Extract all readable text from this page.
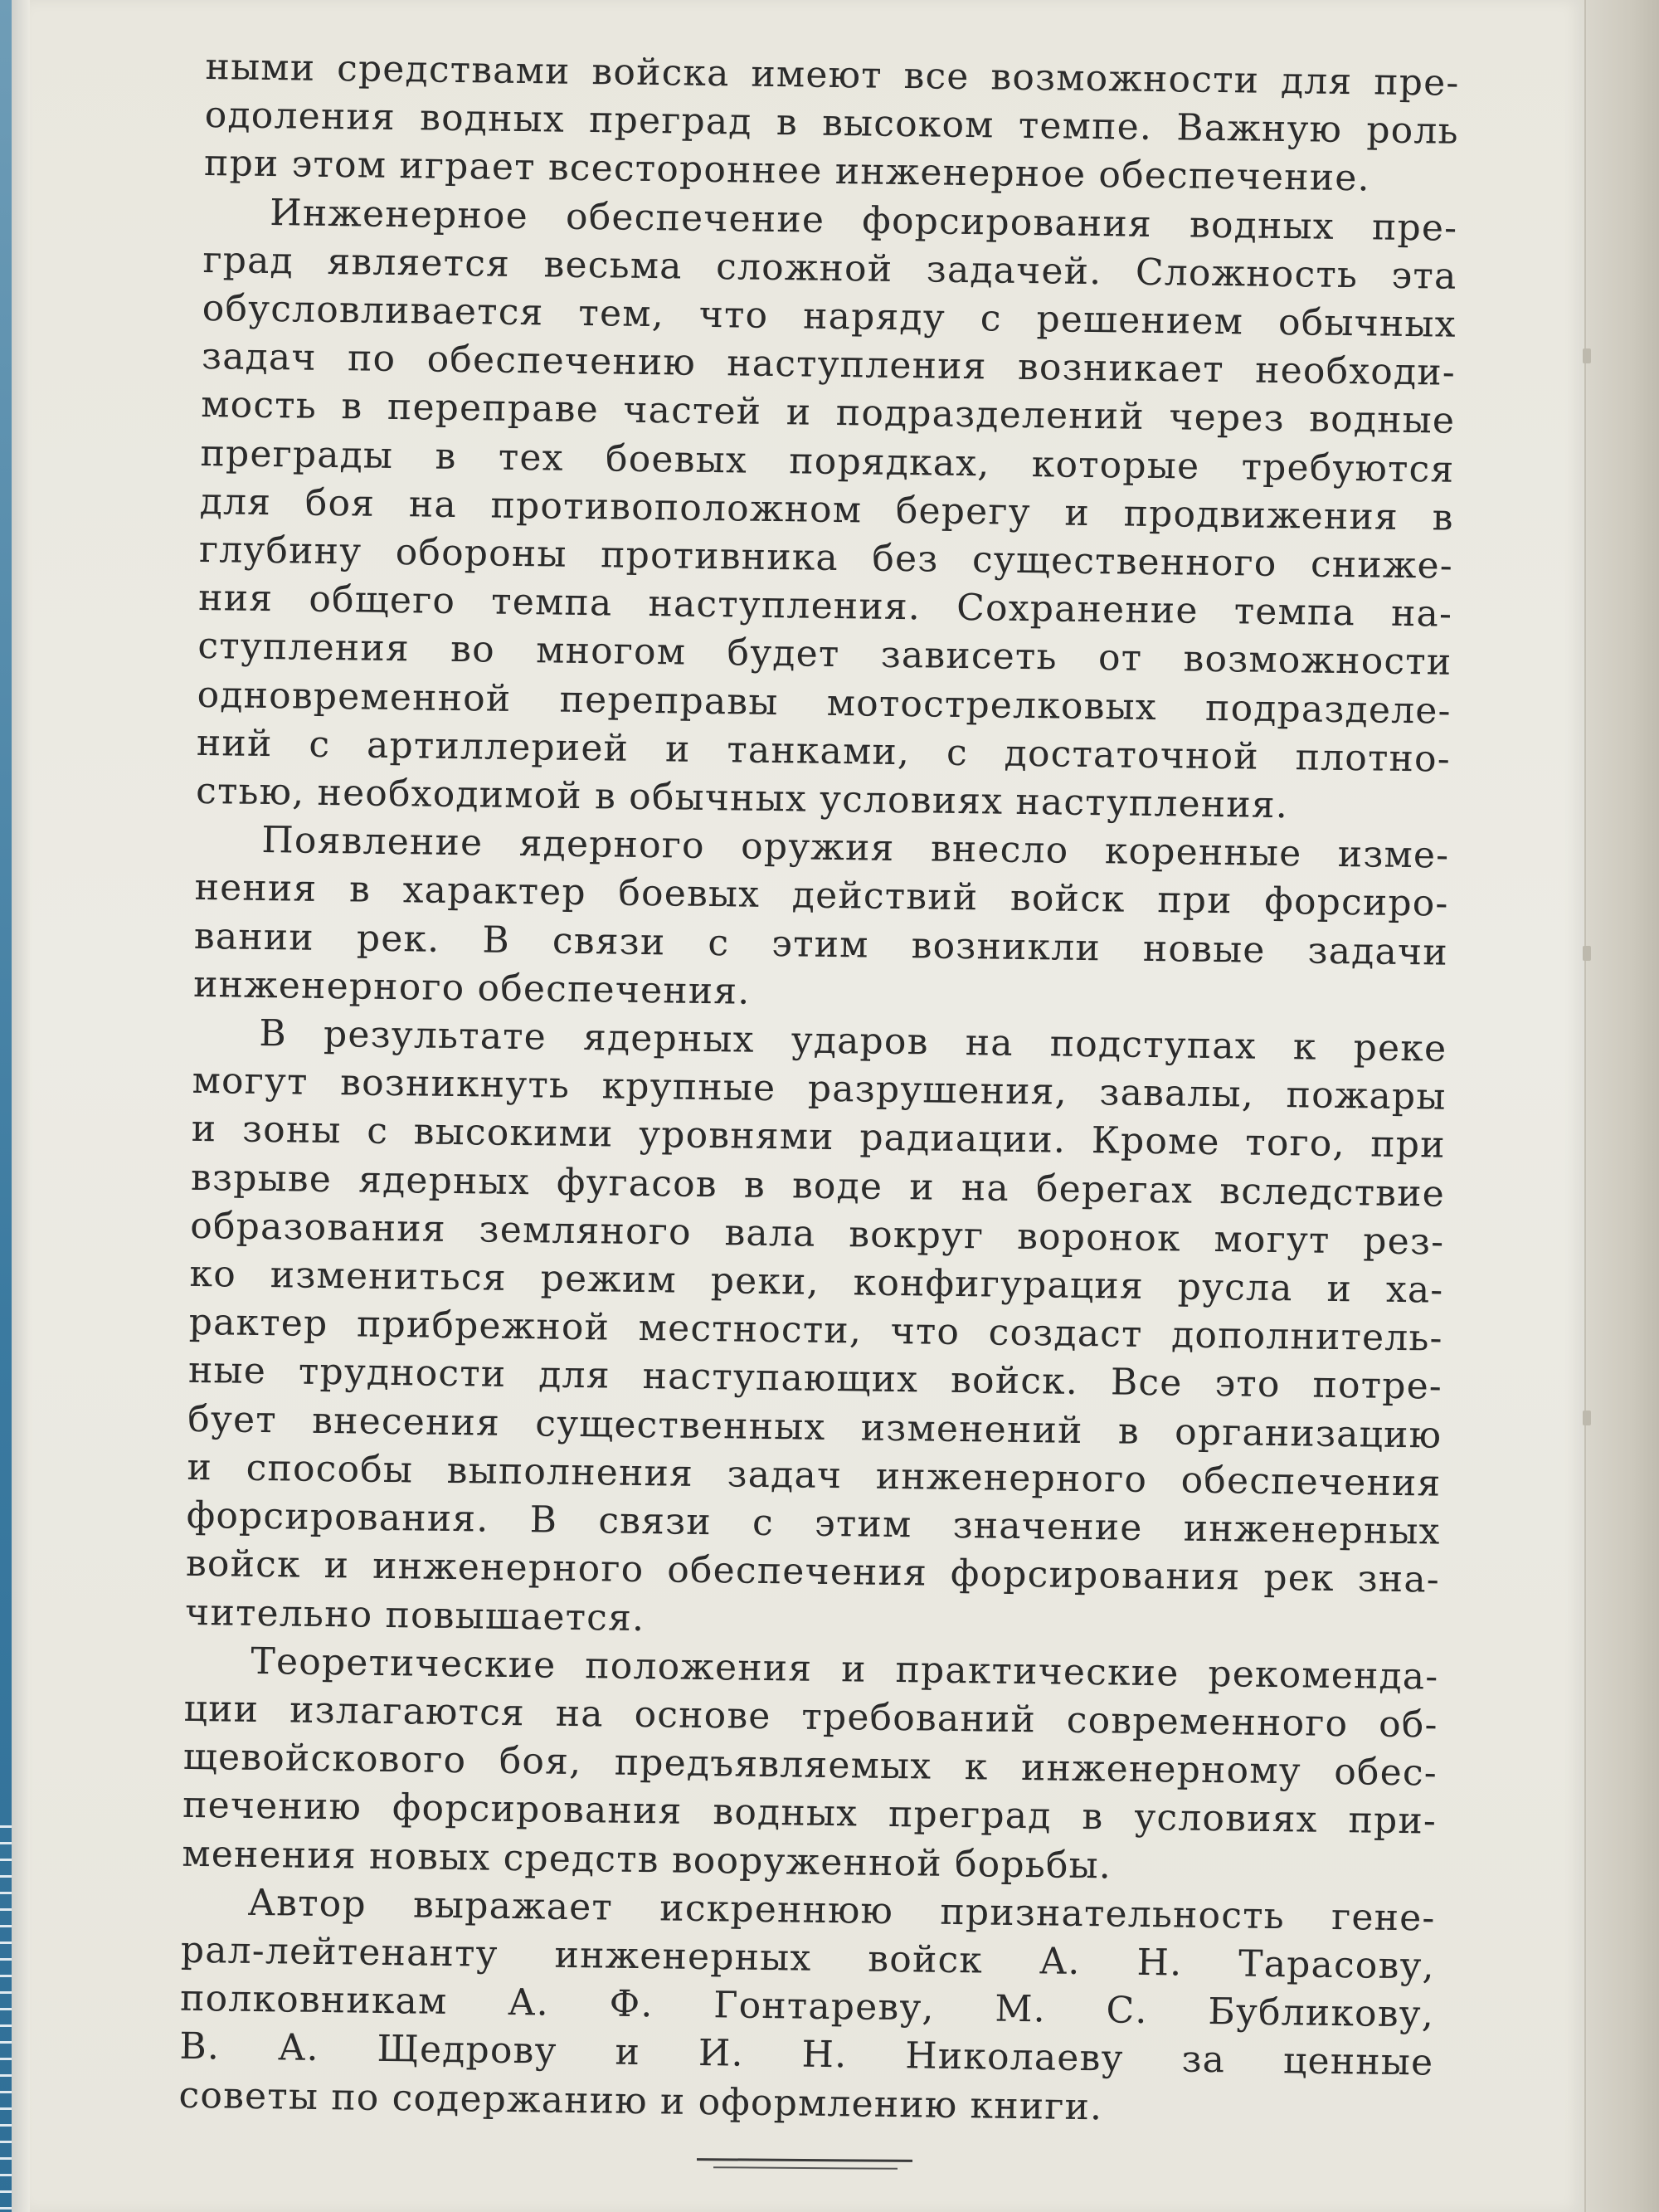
ными средствами войска имеют все возможности для пре-

одоления водных преград в высоком темпе. Важную роль

при этом играет всестороннее инженерное обеспечение.

Инженерное обеспечение форсирования водных пре-

град является весьма сложной задачей. Сложность эта

обусловливается тем, что наряду с решением обычных

задач по обеспечению наступления возникает необходи-

мость в переправе частей и подразделений через водные

преграды в тех боевых порядках, которые требуются

для боя на противоположном берегу и продвижения в

глубину обороны противника без существенного сниже-

ния общего темпа наступления. Сохранение темпа на-

ступления во многом будет зависеть от возможности

одновременной переправы мотострелковых подразделе-

ний с артиллерией и танками, с достаточной плотно-

стью, необходимой в обычных условиях наступления.

Появление ядерного оружия внесло коренные изме-

нения в характер боевых действий войск при форсиро-

вании рек. В связи с этим возникли новые задачи

инженерного обеспечения.

В результате ядерных ударов на подступах к реке

могут возникнуть крупные разрушения, завалы, пожары

и зоны с высокими уровнями радиации. Кроме того, при

взрыве ядерных фугасов в воде и на берегах вследствие

образования земляного вала вокруг воронок могут рез-

ко измениться режим реки, конфигурация русла и ха-

рактер прибрежной местности, что создаст дополнитель-

ные трудности для наступающих войск. Все это потре-

бует внесения существенных изменений в организацию

и способы выполнения задач инженерного обеспечения

форсирования. В связи с этим значение инженерных

войск и инженерного обеспечения форсирования рек зна-

чительно повышается.

Теоретические положения и практические рекоменда-

ции излагаются на основе требований современного об-

щевойскового боя, предъявляемых к инженерному обес-

печению форсирования водных преград в условиях при-

менения новых средств вооруженной борьбы.

Автор выражает искреннюю признательность гене-

рал-лейтенанту инженерных войск А. Н. Тарасову,

полковникам А. Ф. Гонтареву, М. С. Бубликову,

В. А. Щедрову и И. Н. Николаеву за ценные

советы по содержанию и оформлению книги.
